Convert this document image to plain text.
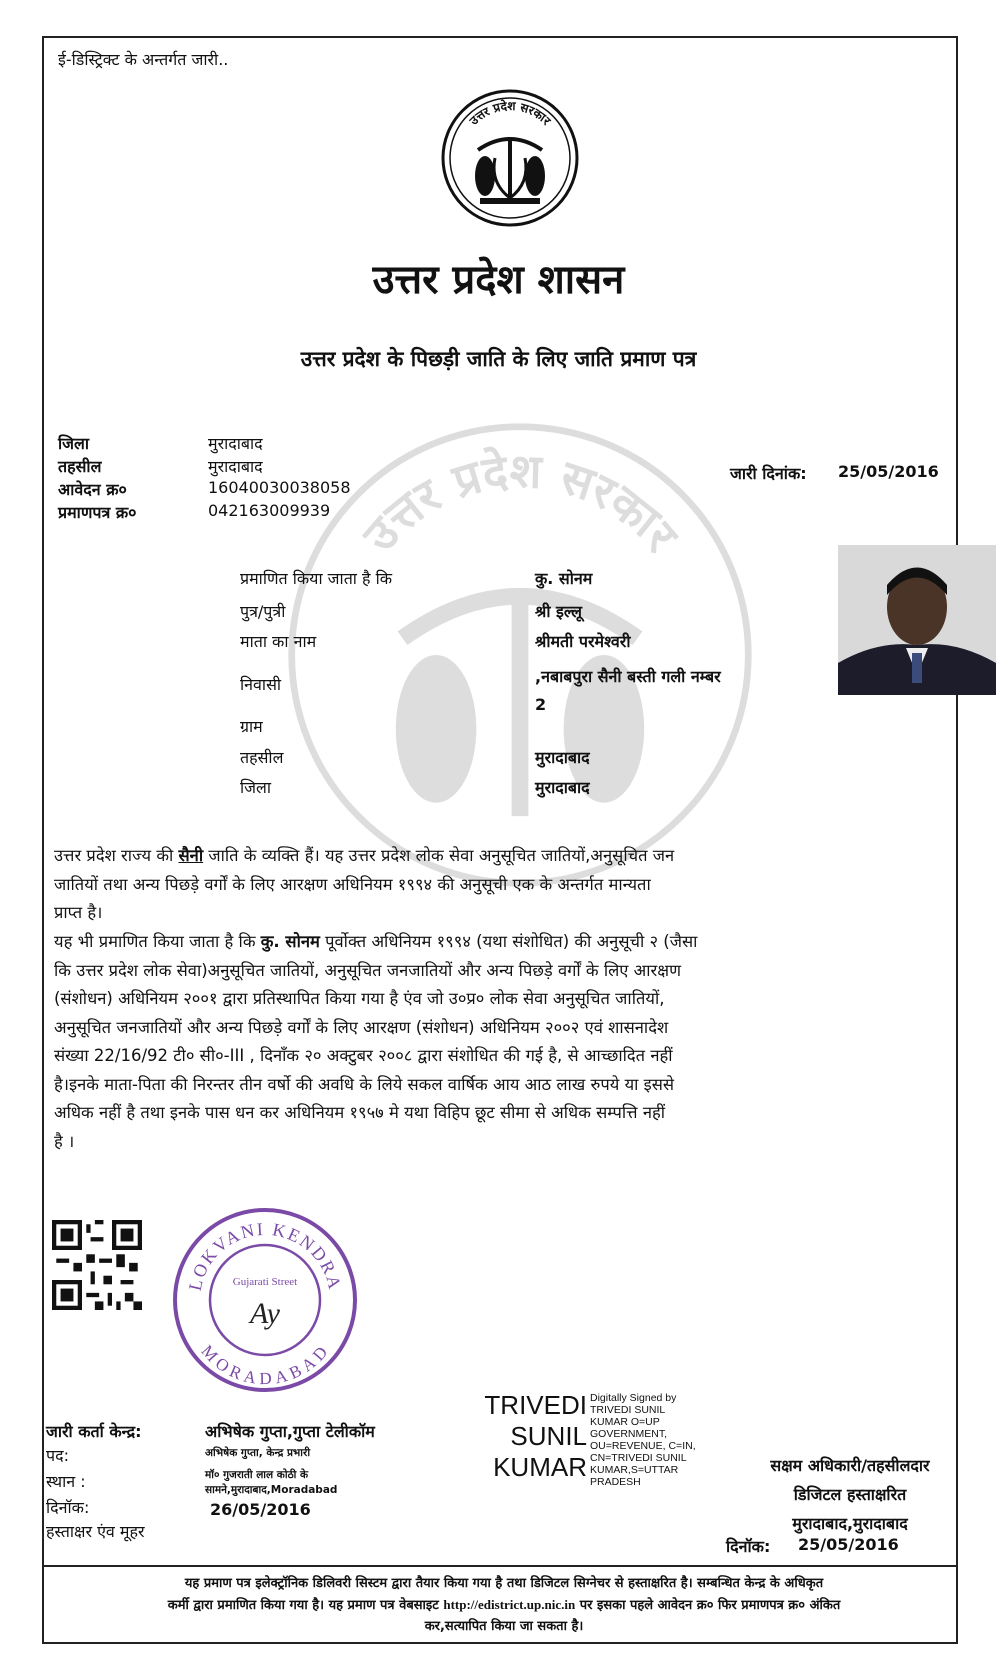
ई-डिस्ट्रिक्ट के अन्तर्गत जारी..
उत्तर प्रदेश सरकार
उत्तर प्रदेश सरकार
उत्तर प्रदेश शासन
उत्तर प्रदेश के पिछड़ी जाति के लिए जाति प्रमाण पत्र
जिला	मुरादाबाद
तहसील	मुरादाबाद
आवेदन क्र०	16040030038058
प्रमाणपत्र क्र०	042163009939
जारी दिनांक: 25/05/2016
प्रमाणित किया जाता है कि	कु. सोनम
पुत्र/पुत्री	श्री इल्लू
माता का नाम	श्रीमती परमेश्वरी
निवासी	,नबाबपुरा सैनी बस्ती गली नम्बर
2
ग्राम
तहसील	मुरादाबाद
जिला	मुरादाबाद
उत्तर प्रदेश राज्य की सैनी जाति के व्यक्ति हैं। यह उत्तर प्रदेश लोक सेवा अनुसूचित जातियों,अनुसूचित जन
जातियों तथा अन्य पिछड़े वर्गों के लिए आरक्षण अधिनियम १९९४ की अनुसूची एक के अन्तर्गत मान्यता
प्राप्त है।
यह भी प्रमाणित किया जाता है कि कु. सोनम पूर्वोक्त अधिनियम १९९४ (यथा संशोधित) की अनुसूची २ (जैसा
कि उत्तर प्रदेश लोक सेवा)अनुसूचित जातियों, अनुसूचित जनजातियों और अन्य पिछड़े वर्गों के लिए आरक्षण
(संशोधन) अधिनियम २००१ द्वारा प्रतिस्थापित किया गया है एंव जो उ०प्र० लोक सेवा अनुसूचित जातियों,
अनुसूचित जनजातियों और अन्य पिछड़े वर्गों के लिए आरक्षण (संशोधन) अधिनियम २००२ एवं शासनादेश
संख्या 22/16/92 टी० सी०-III , दिनाँक २० अक्टुबर २००८ द्वारा संशोधित की गई है, से आच्छादित नहीं
है।इनके माता-पिता की निरन्तर तीन वर्षो की अवधि के लिये सकल वार्षिक आय आठ लाख रुपये या इससे
अधिक नहीं है तथा इनके पास धन कर अधिनियम १९५७ मे यथा विहिप छूट सीमा से अधिक सम्पत्ति नहीं
है ।
LOKVANI KENDRA
MORADABAD
Gujarati Street
Ay
जारी कर्ता केन्द्र:	अभिषेक गुप्ता,गुप्ता टेलीकॉम
पद:	अभिषेक गुप्ता, केन्द्र प्रभारी
स्थान :	मॉ० गुजराती लाल कोठी के
सामने,मुरादाबाद,Moradabad
दिनॉक:	26/05/2016
हस्ताक्षर एंव मूहर
TRIVEDI
SUNIL
KUMAR
Digitally Signed by
TRIVEDI SUNIL
KUMAR O=UP
GOVERNMENT,
OU=REVENUE, C=IN,
CN=TRIVEDI SUNIL
KUMAR,S=UTTAR
PRADESH
सक्षम अधिकारी/तहसीलदार
डिजिटल हस्ताक्षरित
मुरादाबाद,मुरादाबाद
दिनॉक: 25/05/2016
यह प्रमाण पत्र इलेक्ट्रॉनिक डिलिवरी सिस्टम द्वारा तैयार किया गया है तथा डिजिटल सिग्नेचर से हस्ताक्षरित है। सम्बन्धित केन्द्र के अधिकृत
कर्मी द्वारा प्रमाणित किया गया है। यह प्रमाण पत्र वेबसाइट http://edistrict.up.nic.in पर इसका पहले आवेदन क्र० फिर प्रमाणपत्र क्र० अंकित
कर,सत्यापित किया जा सकता है।
